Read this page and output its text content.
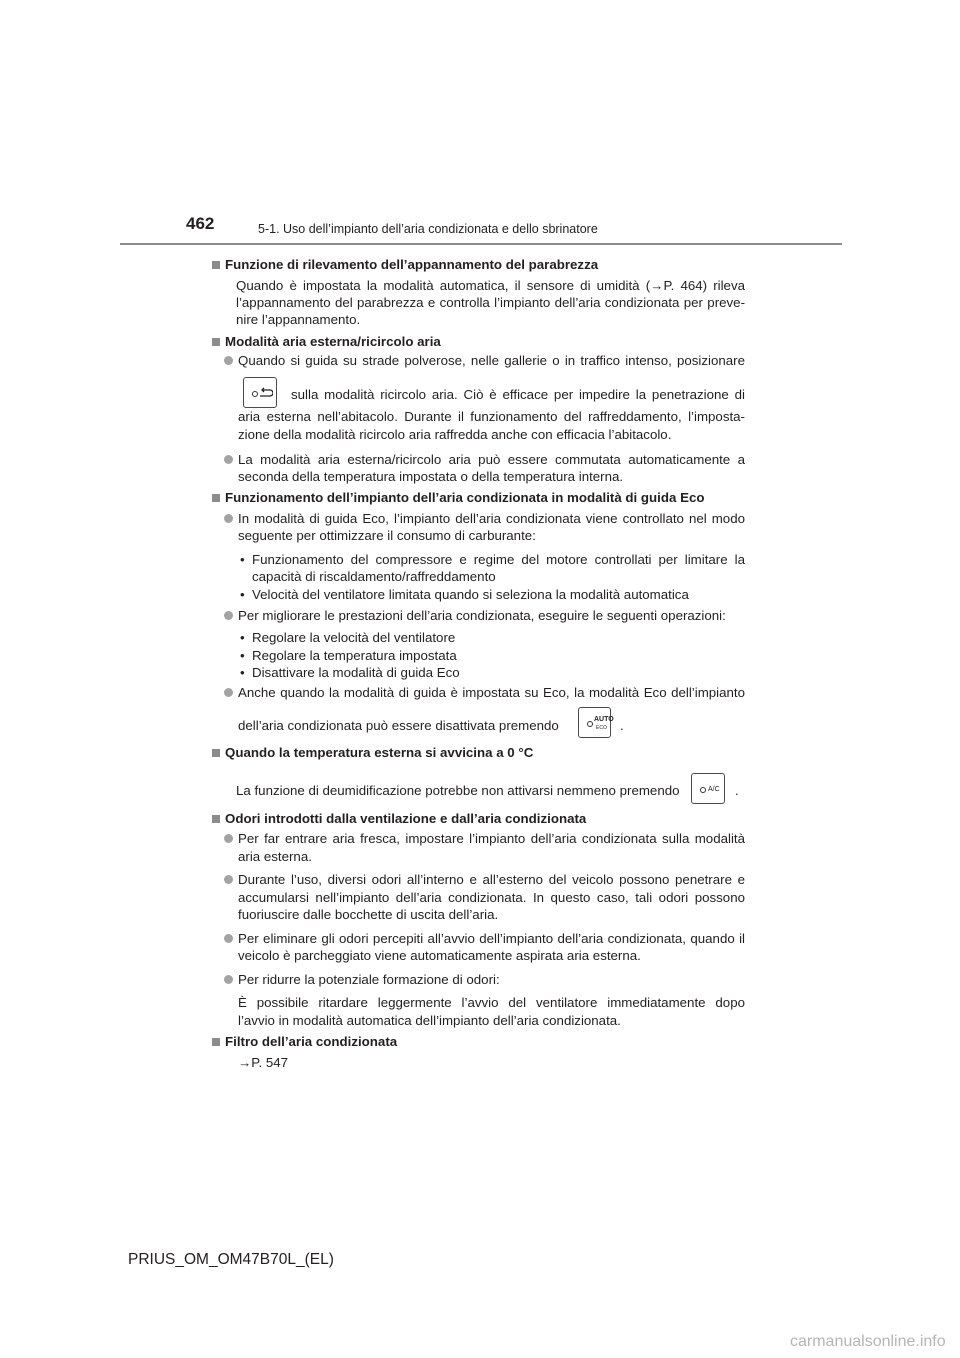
462	5-1. Uso dell’impianto dell’aria condizionata e dello sbrinatore
Funzione di rilevamento dell’appannamento del parabrezza
Quando è impostata la modalità automatica, il sensore di umidità (→P. 464) rileva
l’appannamento del parabrezza e controlla l’impianto dell’aria condizionata per preve-
nire l’appannamento.
Modalità aria esterna/ricircolo aria
Quando si guida su strade polverose, nelle gallerie o in traffico intenso, posizionare
sulla modalità ricircolo aria. Ciò è efficace per impedire la penetrazione di
aria esterna nell’abitacolo. Durante il funzionamento del raffreddamento, l’imposta-
zione della modalità ricircolo aria raffredda anche con efficacia l’abitacolo.
La modalità aria esterna/ricircolo aria può essere commutata automaticamente a
seconda della temperatura impostata o della temperatura interna.
Funzionamento dell’impianto dell’aria condizionata in modalità di guida Eco
In modalità di guida Eco, l’impianto dell’aria condizionata viene controllato nel modo
seguente per ottimizzare il consumo di carburante:
• Funzionamento del compressore e regime del motore controllati per limitare la
capacità di riscaldamento/raffreddamento
• Velocità del ventilatore limitata quando si seleziona la modalità automatica
Per migliorare le prestazioni dell’aria condizionata, eseguire le seguenti operazioni:
• Regolare la velocità del ventilatore
• Regolare la temperatura impostata
• Disattivare la modalità di guida Eco
Anche quando la modalità di guida è impostata su Eco, la modalità Eco dell’impianto
dell’aria condizionata può essere disattivata premendo	AUTO
ECO .
Quando la temperatura esterna si avvicina a 0 °C
La funzione di deumidificazione potrebbe non attivarsi nemmeno premendo	A/C .
Odori introdotti dalla ventilazione e dall’aria condizionata
Per far entrare aria fresca, impostare l’impianto dell’aria condizionata sulla modalità
aria esterna.
Durante l’uso, diversi odori all’interno e all’esterno del veicolo possono penetrare e
accumularsi nell’impianto dell’aria condizionata. In questo caso, tali odori possono
fuoriuscire dalle bocchette di uscita dell’aria.
Per eliminare gli odori percepiti all’avvio dell’impianto dell’aria condizionata, quando il
veicolo è parcheggiato viene automaticamente aspirata aria esterna.
Per ridurre la potenziale formazione di odori:
È possibile ritardare leggermente l’avvio del ventilatore immediatamente dopo
l’avvio in modalità automatica dell’impianto dell’aria condizionata.
Filtro dell’aria condizionata
→P. 547
PRIUS_OM_OM47B70L_(EL)
carmanualsonline.info
